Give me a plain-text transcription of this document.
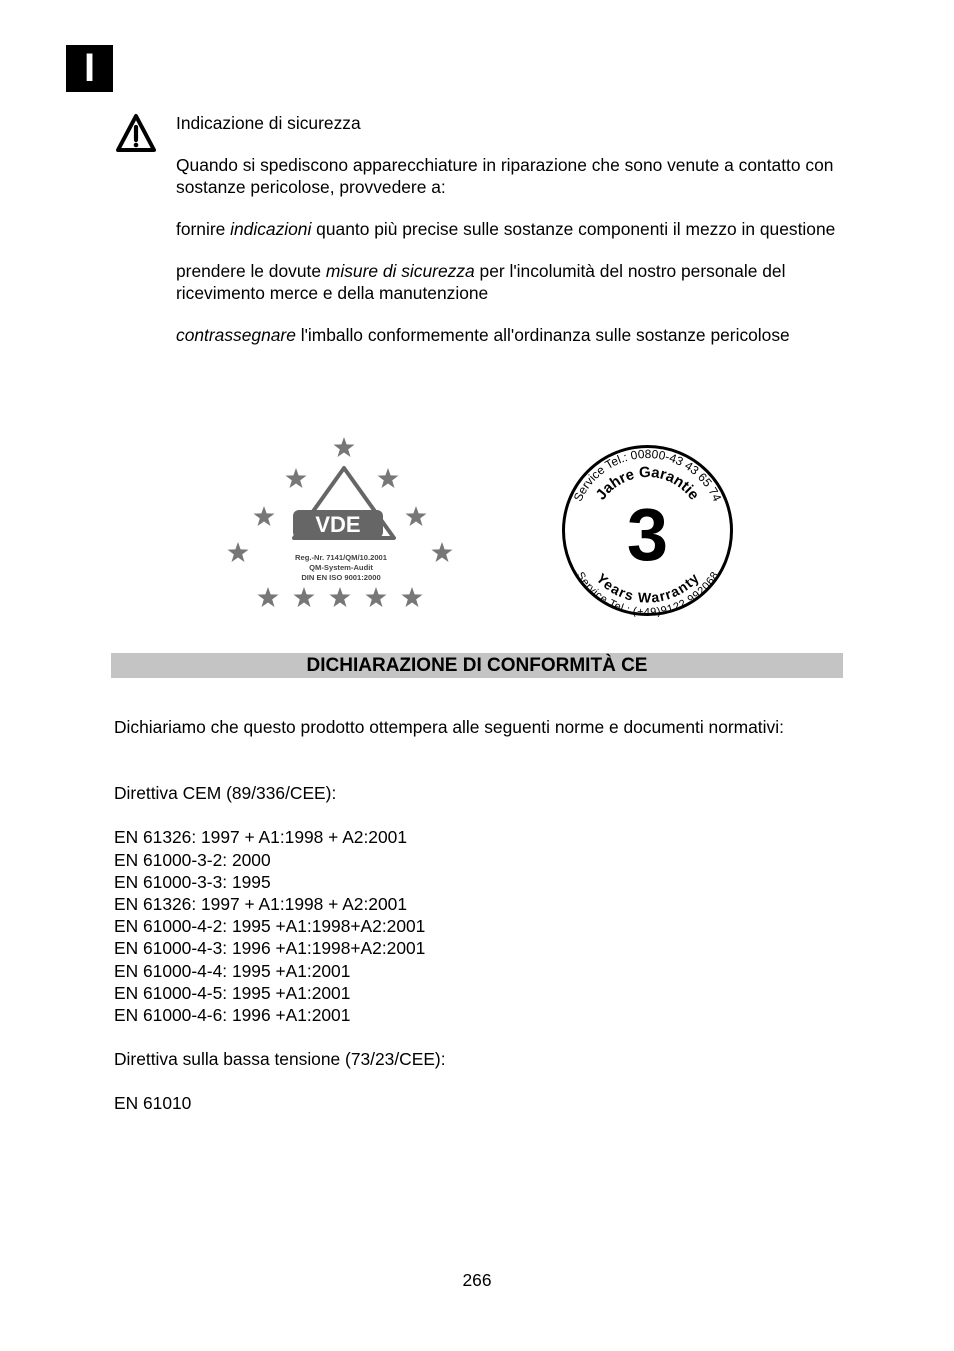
I

Indicazione di sicurezza

Quando si spediscono apparecchiature in riparazione che sono venute a contatto con sostanze pericolose, provvedere a:

fornire indicazioni quanto più precise sulle sostanze componenti il mezzo in questione

prendere le dovute misure di sicurezza per l'incolumità del nostro personale del ricevimento merce e della manutenzione

contrassegnare l'imballo conformemente all'ordinanza sulle sostanze pericolose

VDE
Reg.-Nr. 7141/QM/10.2001
QM-System-Audit
DIN EN ISO 9001:2000
Service Tel.: 00800-43 43 65 74
Jahre Garantie
Years Warranty
Service Tel.: (+49)9122 992068
3
DICHIARAZIONE DI CONFORMITÀ CE

Dichiariamo che questo prodotto ottempera alle seguenti norme e documenti normativi:

Direttiva CEM (89/336/CEE):

EN 61326: 1997 + A1:1998 + A2:2001

EN 61000-3-2: 2000

EN 61000-3-3: 1995

EN 61326: 1997 + A1:1998 + A2:2001

EN 61000-4-2: 1995 +A1:1998+A2:2001

EN 61000-4-3: 1996 +A1:1998+A2:2001

EN 61000-4-4: 1995 +A1:2001

EN 61000-4-5: 1995 +A1:2001

EN 61000-4-6: 1996 +A1:2001

Direttiva sulla bassa tensione (73/23/CEE):

EN 61010

266
